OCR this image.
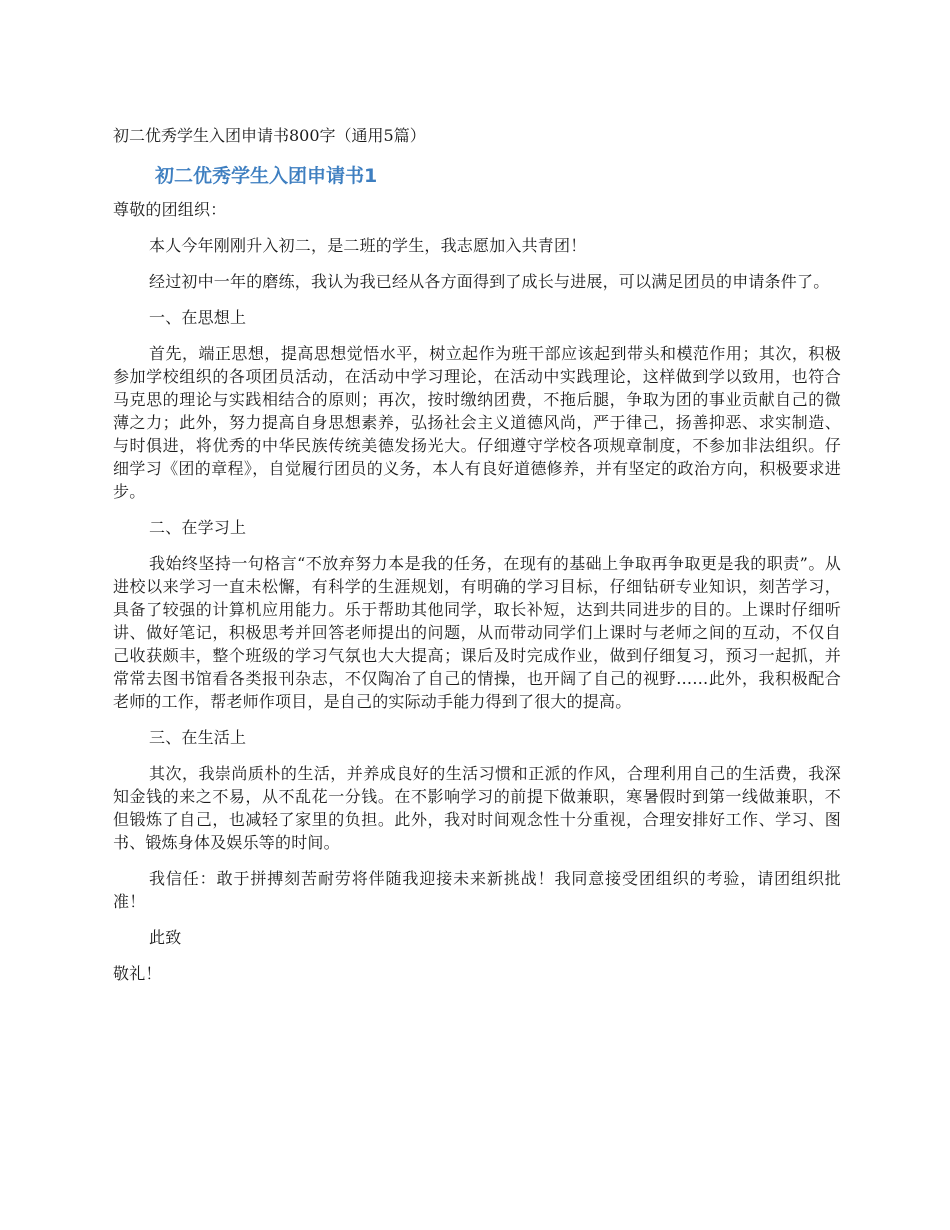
初二优秀学生入团申请书800字（通用5篇）
初二优秀学生入团申请书1
尊敬的团组织：
本人今年刚刚升入初二，是二班的学生，我志愿加入共青团！
经过初中一年的磨练，我认为我已经从各方面得到了成长与进展，可以满足团员的申请条件了。
一、在思想上
首先，端正思想，提高思想觉悟水平，树立起作为班干部应该起到带头和模范作用；其次，积极参加学校组织的各项团员活动，在活动中学习理论，在活动中实践理论，这样做到学以致用，也符合马克思的理论与实践相结合的原则；再次，按时缴纳团费，不拖后腿，争取为团的事业贡献自己的微薄之力；此外，努力提高自身思想素养，弘扬社会主义道德风尚，严于律己，扬善抑恶、求实制造、与时俱进，将优秀的中华民族传统美德发扬光大。仔细遵守学校各项规章制度，不参加非法组织。仔细学习《团的章程》，自觉履行团员的义务，本人有良好道德修养，并有坚定的政治方向，积极要求进步。
二、在学习上
我始终坚持一句格言“不放弃努力本是我的任务，在现有的基础上争取再争取更是我的职责”。从进校以来学习一直未松懈，有科学的生涯规划，有明确的学习目标，仔细钻研专业知识，刻苦学习，具备了较强的计算机应用能力。乐于帮助其他同学，取长补短，达到共同进步的目的。上课时仔细听讲、做好笔记，积极思考并回答老师提出的问题，从而带动同学们上课时与老师之间的互动，不仅自己收获颇丰，整个班级的学习气氛也大大提高；课后及时完成作业，做到仔细复习，预习一起抓，并常常去图书馆看各类报刊杂志，不仅陶冶了自己的情操，也开阔了自己的视野……此外，我积极配合老师的工作，帮老师作项目，是自己的实际动手能力得到了很大的提高。
三、在生活上
其次，我崇尚质朴的生活，并养成良好的生活习惯和正派的作风，合理利用自己的生活费，我深知金钱的来之不易，从不乱花一分钱。在不影响学习的前提下做兼职，寒暑假时到第一线做兼职，不但锻炼了自己，也减轻了家里的负担。此外，我对时间观念性十分重视，合理安排好工作、学习、图书、锻炼身体及娱乐等的时间。
我信任：敢于拼搏刻苦耐劳将伴随我迎接未来新挑战！我同意接受团组织的考验，请团组织批准！
此致
敬礼！
